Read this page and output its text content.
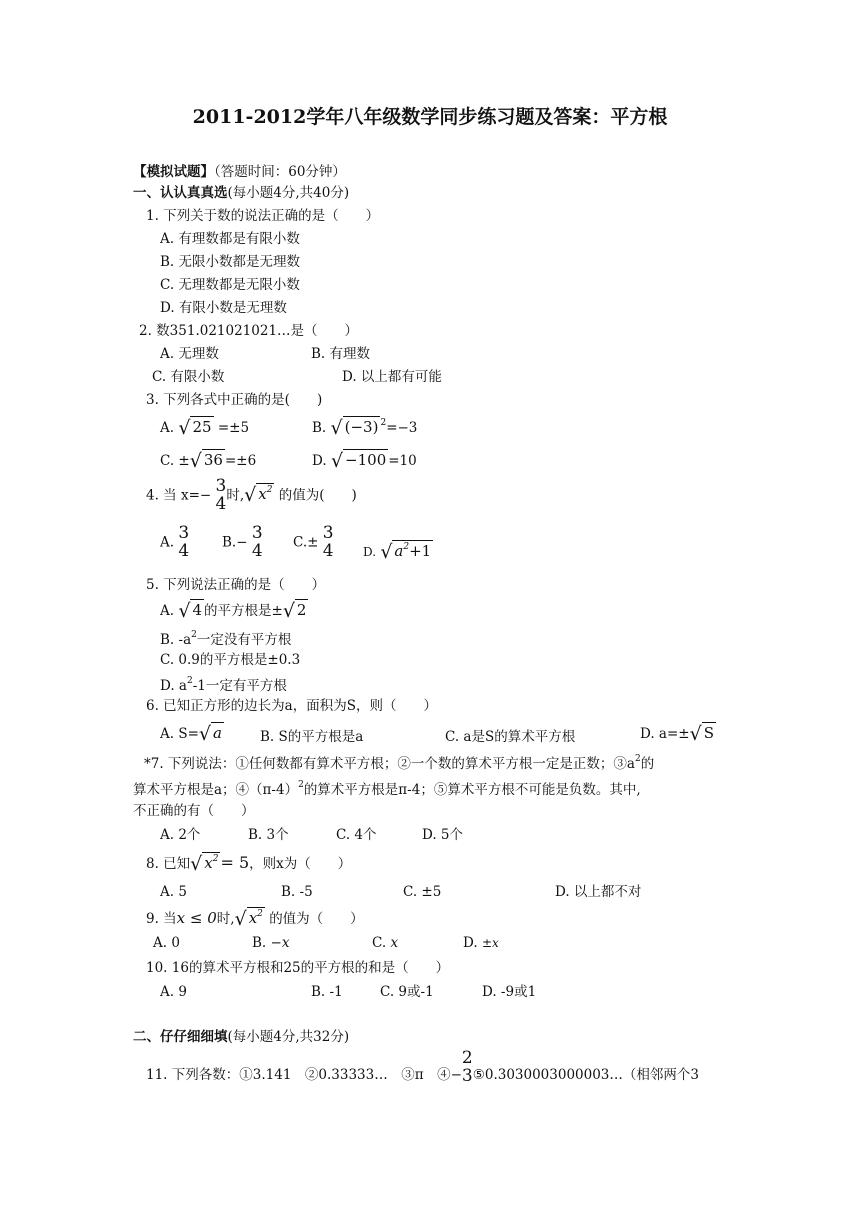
2011-2012学年八年级数学同步练习题及答案：平方根
【模拟试题】（答题时间：60分钟）
一、认认真真选(每小题4分,共40分)
1. 下列关于数的说法正确的是（　　）
A. 有理数都是有限小数
B. 无限小数都是无理数
C. 无理数都是无限小数
D. 有限小数是无理数
2. 数351.021021021…是（　　）
A. 无理数	B. 有理数
C. 有限小数	D. 以上都有可能
3. 下列各式中正确的是(　　)
A. √ 25 =±5	B. √ (−3) $^2$=−3
C. ±√ 36 =±6	D. √ −100 =10
4. 当 x=− 3
4 时,√ $x^2$ 的值为(　　)
A. 3
4 B.− 3
4 C.± 3
4 D. √ $a^2+1$
5. 下列说法正确的是（　　）
A. √ 4 的平方根是±√ 2
B. $-a^2$一定没有平方根
C. 0.9的平方根是±0.3
D. $a^2-1$一定有平方根
6. 已知正方形的边长为a，面积为S，则（　　）
A. S=√ a	B. S的平方根是a	C. a是S的算术平方根	D. a=±√ S
*7. 下列说法：①任何数都有算术平方根；②一个数的算术平方根一定是正数；$③a^2$的
算术平方根是a；$④(\pi-4)^2$的算术平方根是π-4；⑤算术平方根不可能是负数。其中,
不正确的有（　　）
A. 2个	B. 3个	C. 4个	D. 5个
8. 已知√ $x^2 = 5$，则x为（　　）
A. 5	B. -5	C. ±5	D. 以上都不对
9. 当x ≤ 0时,√ $x^2$ 的值为（　　）
A. 0	B. −x	C. x	D. ±x
10. 16的算术平方根和25的平方根的和是（　　）
A. 9	B. -1	C. 9或-1	D. -9或1
二、仔仔细细填(每小题4分,共32分)
11. 下列各数：①3.141　②0.33333…　③π　④−
2
3 ⑤0.3030003000003…（相邻两个3
